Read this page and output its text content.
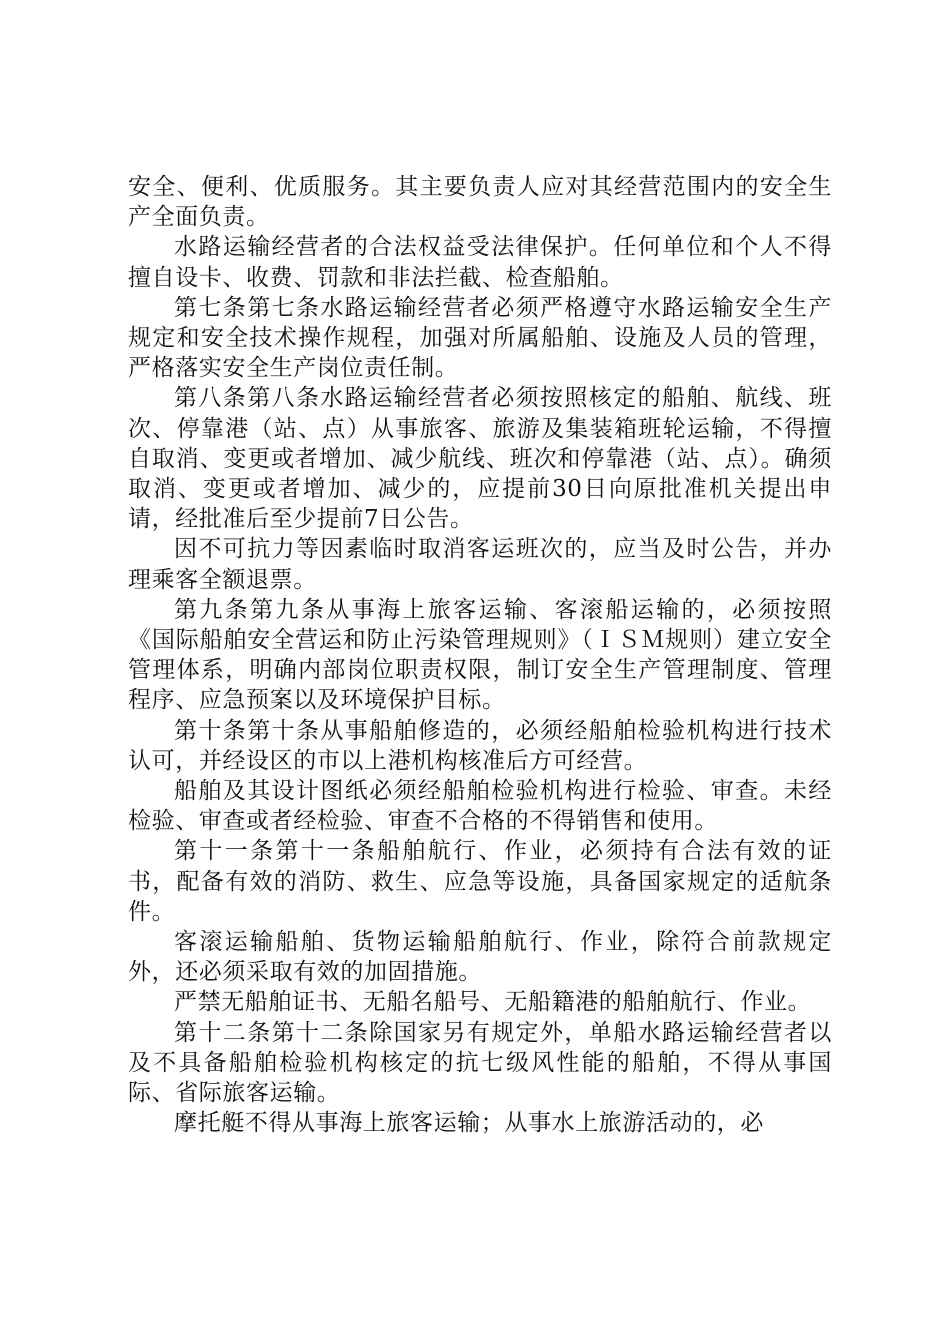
安全、便利、优质服务。其主要负责人应对其经营范围内的安全生产全面负责。

水路运输经营者的合法权益受法律保护。任何单位和个人不得擅自设卡、收费、罚款和非法拦截、检查船舶。

第七条第七条水路运输经营者必须严格遵守水路运输安全生产规定和安全技术操作规程，加强对所属船舶、设施及人员的管理，严格落实安全生产岗位责任制。

第八条第八条水路运输经营者必须按照核定的船舶、航线、班次、停靠港（站、点）从事旅客、旅游及集装箱班轮运输，不得擅自取消、变更或者增加、减少航线、班次和停靠港（站、点）。确须取消、变更或者增加、减少的，应提前30日向原批准机关提出申请，经批准后至少提前7日公告。

因不可抗力等因素临时取消客运班次的，应当及时公告，并办理乘客全额退票。

第九条第九条从事海上旅客运输、客滚船运输的，必须按照《国际船舶安全营运和防止污染管理规则》（ＩＳＭ规则）建立安全管理体系，明确内部岗位职责权限，制订安全生产管理制度、管理程序、应急预案以及环境保护目标。

第十条第十条从事船舶修造的，必须经船舶检验机构进行技术认可，并经设区的市以上港机构核准后方可经营。

船舶及其设计图纸必须经船舶检验机构进行检验、审查。未经检验、审查或者经检验、审查不合格的不得销售和使用。

第十一条第十一条船舶航行、作业，必须持有合法有效的证书，配备有效的消防、救生、应急等设施，具备国家规定的适航条件。

客滚运输船舶、货物运输船舶航行、作业，除符合前款规定外，还必须采取有效的加固措施。

严禁无船舶证书、无船名船号、无船籍港的船舶航行、作业。

第十二条第十二条除国家另有规定外，单船水路运输经营者以及不具备船舶检验机构核定的抗七级风性能的船舶，不得从事国际、省际旅客运输。

摩托艇不得从事海上旅客运输；从事水上旅游活动的，必
